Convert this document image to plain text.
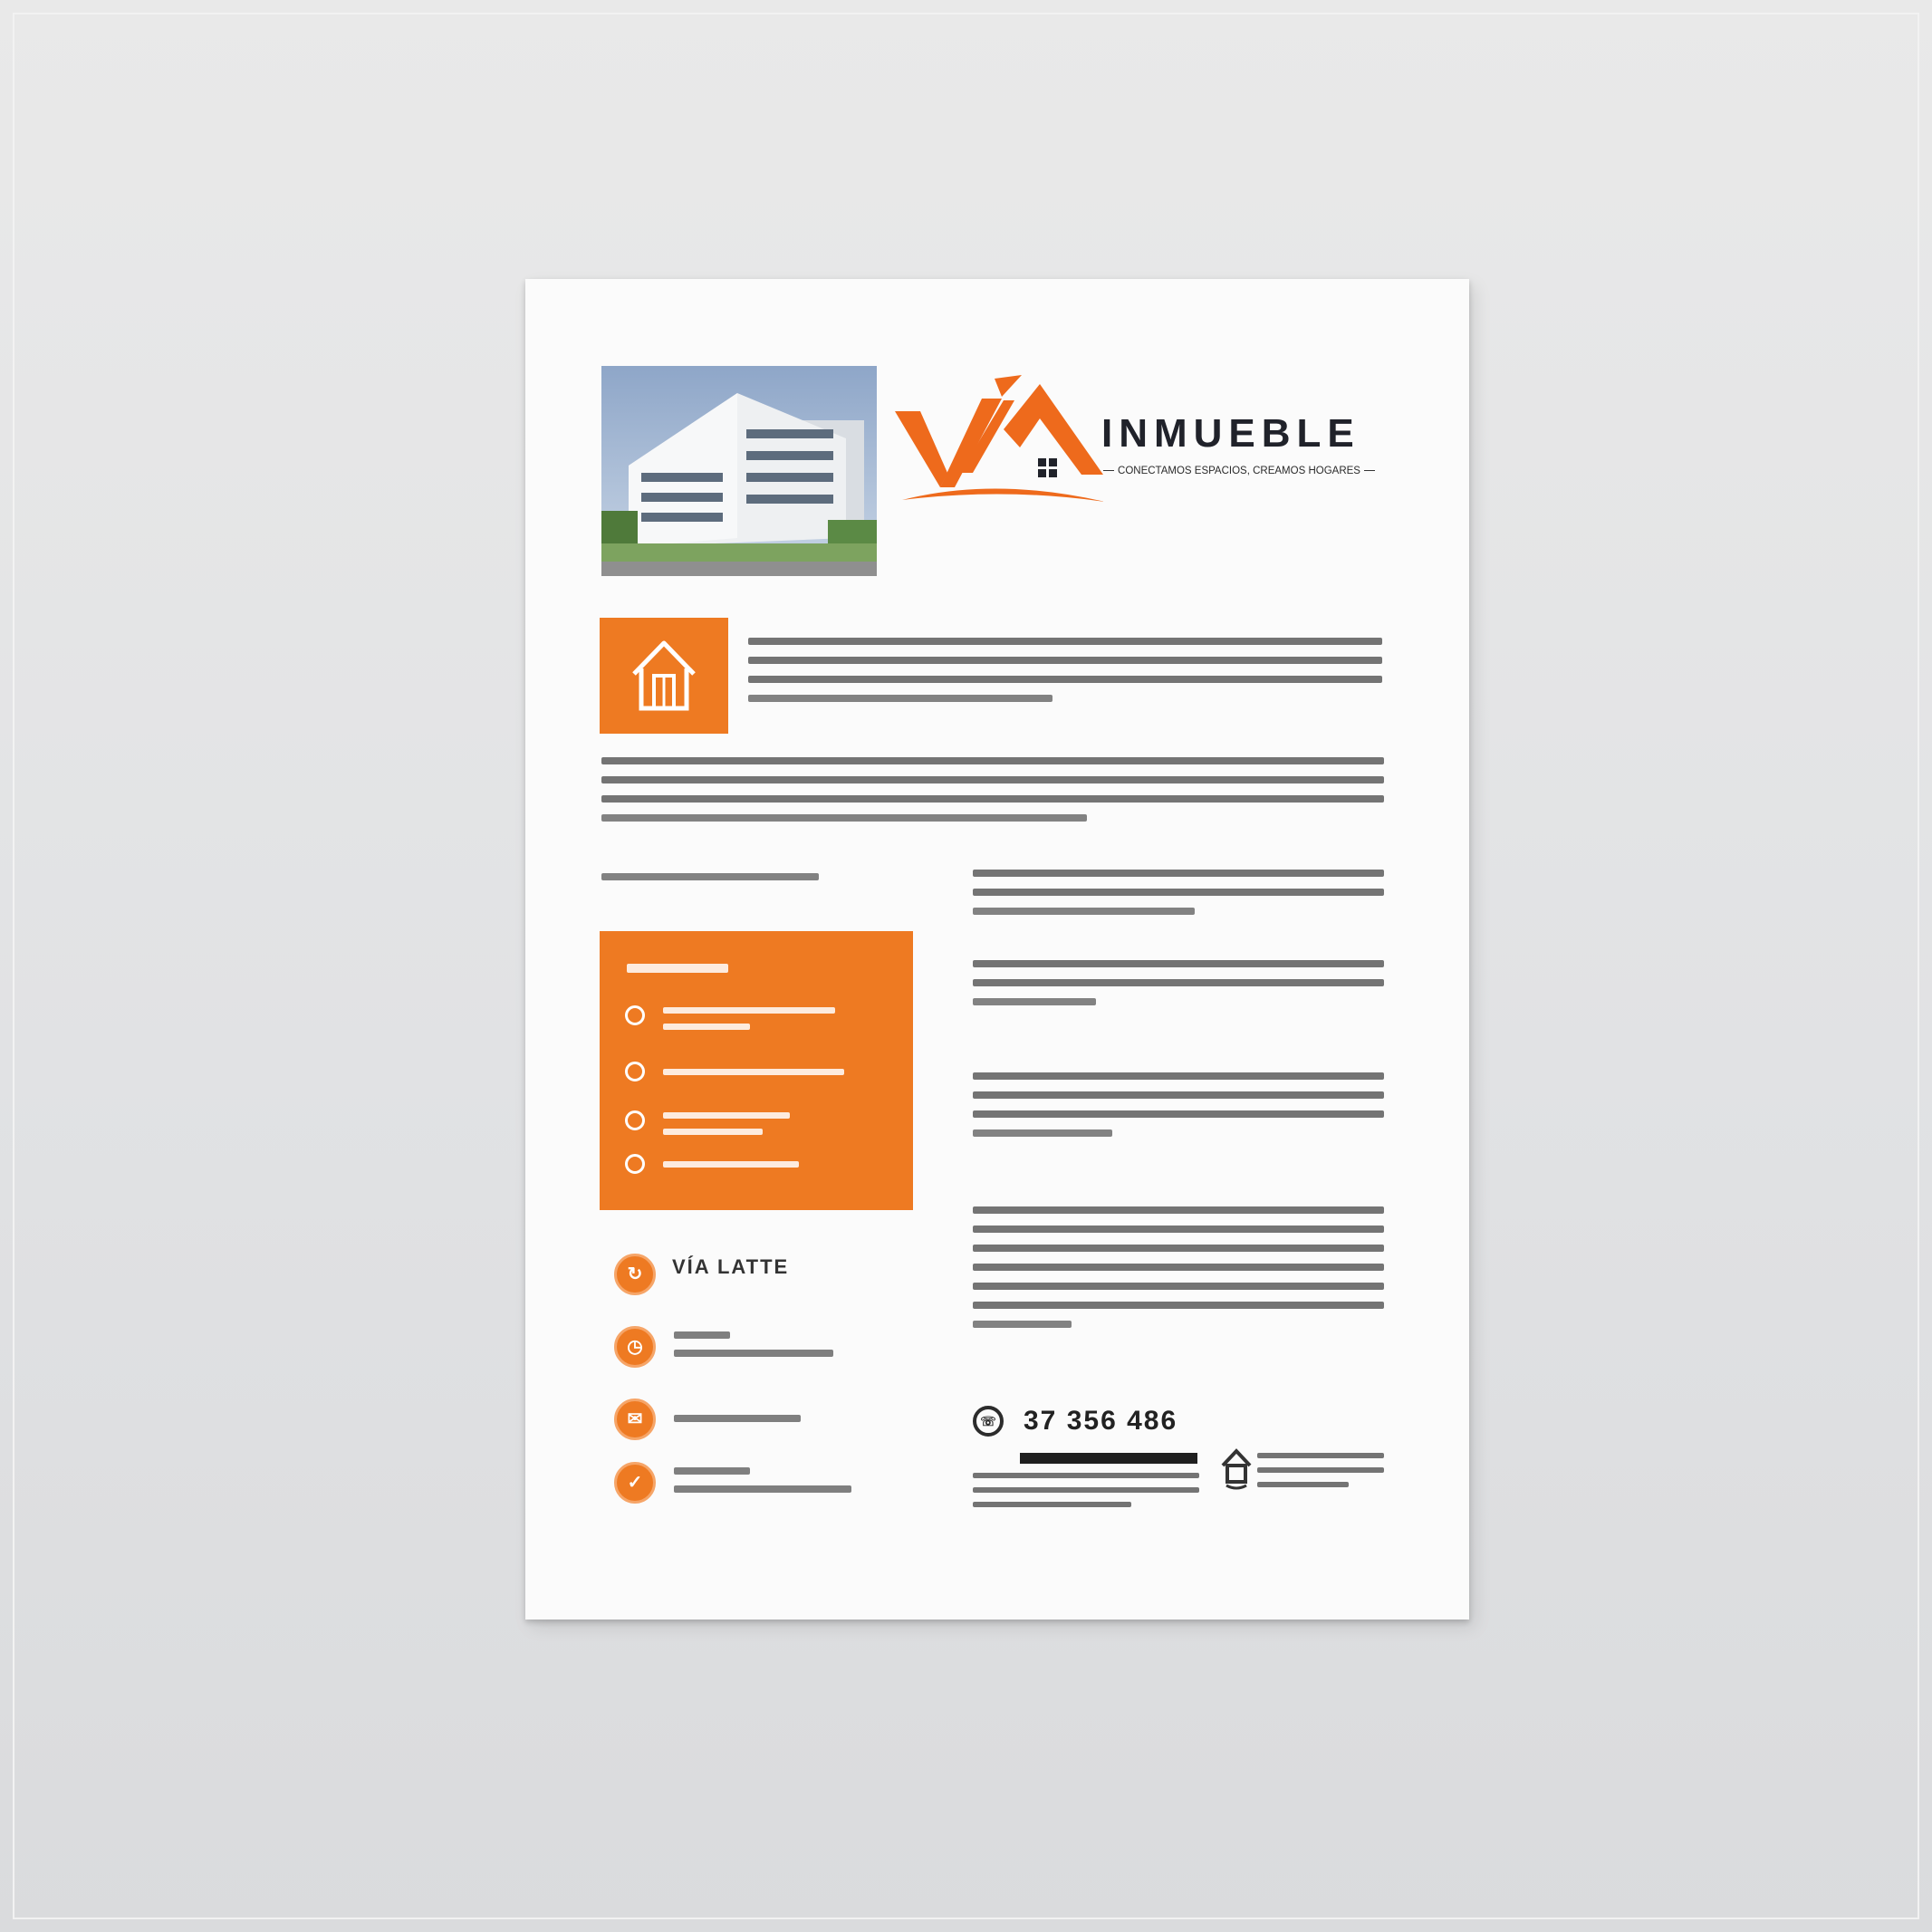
INMUEBLE
CONECTAMOS ESPACIOS, CREAMOS HOGARES
↻	VÍA LATTE
◷
✉
✓
☏ 37 356 486
